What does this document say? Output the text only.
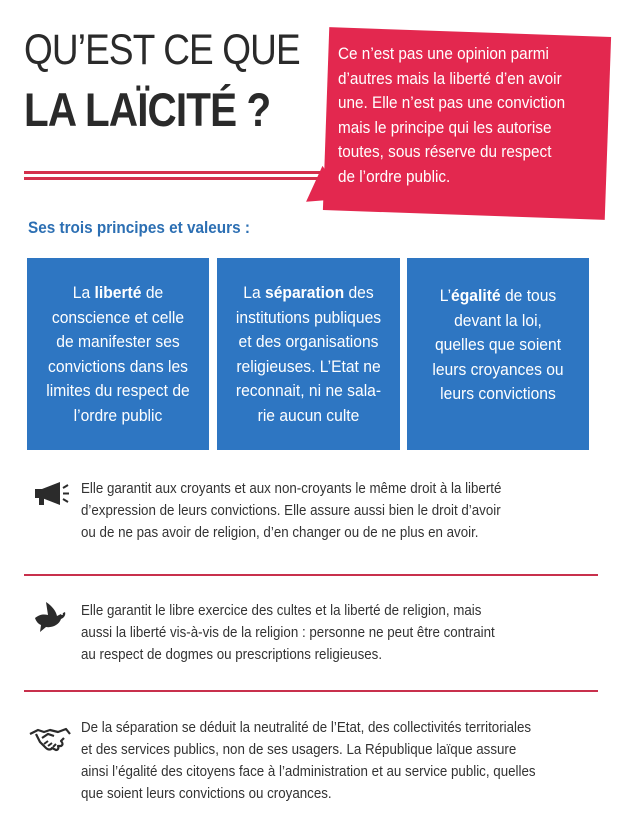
QU’EST CE QUE
LA LAÏCITÉ ?
Ce n’est pas une opinion parmi
d’autres mais la liberté d’en avoir
une. Elle n’est pas une conviction
mais le principe qui les autorise
toutes, sous réserve du respect
de l’ordre public.
Ses trois principes et valeurs :
La liberté de
conscience et celle
de manifester ses
convictions dans les
limites du respect de
l’ordre public
La séparation des
institutions publiques
et des organisations
religieuses. L’Etat ne
reconnait, ni ne sala-
rie aucun culte
L’égalité de tous
devant la loi,
quelles que soient
leurs croyances ou
leurs convictions
Elle garantit aux croyants et aux non-croyants le même droit à la liberté
d’expression de leurs convictions. Elle assure aussi bien le droit d’avoir
ou de ne pas avoir de religion, d’en changer ou de ne plus en avoir.
Elle garantit le libre exercice des cultes et la liberté de religion, mais
aussi la liberté vis-à-vis de la religion : personne ne peut être contraint
au respect de dogmes ou prescriptions religieuses.
De la séparation se déduit la neutralité de l’Etat, des collectivités territoriales
et des services publics, non de ses usagers. La République laïque assure
ainsi l’égalité des citoyens face à l’administration et au service public, quelles
que soient leurs convictions ou croyances.
